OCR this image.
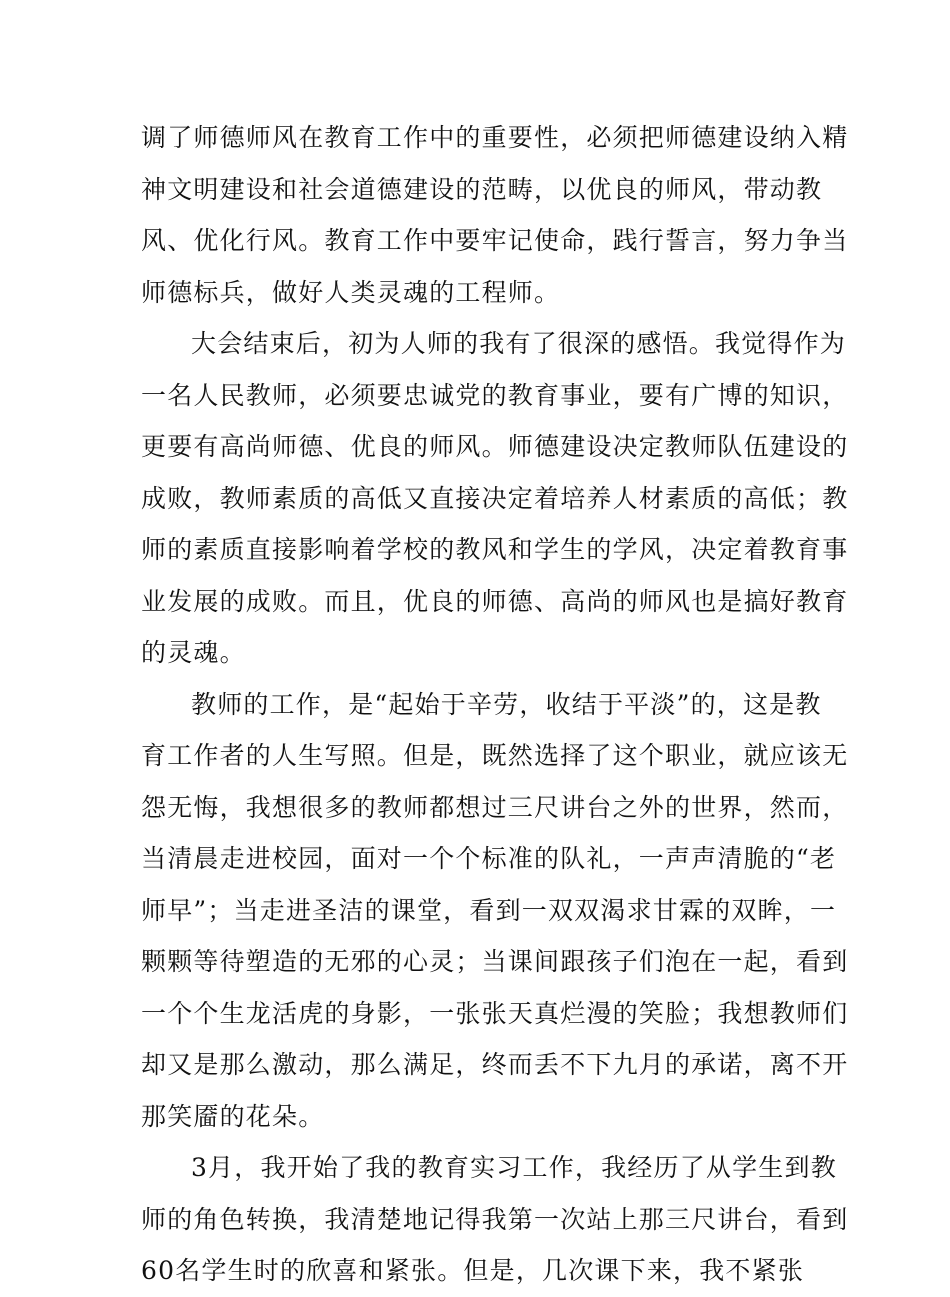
调了师德师风在教育工作中的重要性，必须把师德建设纳入精
神文明建设和社会道德建设的范畴，以优良的师风，带动教
风、优化行风。教育工作中要牢记使命，践行誓言，努力争当
师德标兵，做好人类灵魂的工程师。
大会结束后，初为人师的我有了很深的感悟。我觉得作为
一名人民教师，必须要忠诚党的教育事业，要有广博的知识，
更要有高尚师德、优良的师风。师德建设决定教师队伍建设的
成败，教师素质的高低又直接决定着培养人材素质的高低；教
师的素质直接影响着学校的教风和学生的学风，决定着教育事
业发展的成败。而且，优良的师德、高尚的师风也是搞好教育
的灵魂。
教师的工作，是“起始于辛劳，收结于平淡”的，这是教
育工作者的人生写照。但是，既然选择了这个职业，就应该无
怨无悔，我想很多的教师都想过三尺讲台之外的世界，然而，
当清晨走进校园，面对一个个标准的队礼，一声声清脆的“老
师早”；当走进圣洁的课堂，看到一双双渴求甘霖的双眸，一
颗颗等待塑造的无邪的心灵；当课间跟孩子们泡在一起，看到
一个个生龙活虎的身影，一张张天真烂漫的笑脸；我想教师们
却又是那么激动，那么满足，终而丢不下九月的承诺，离不开
那笑靥的花朵。
3月，我开始了我的教育实习工作，我经历了从学生到教
师的角色转换，我清楚地记得我第一次站上那三尺讲台，看到
60名学生时的欣喜和紧张。但是，几次课下来，我不紧张
